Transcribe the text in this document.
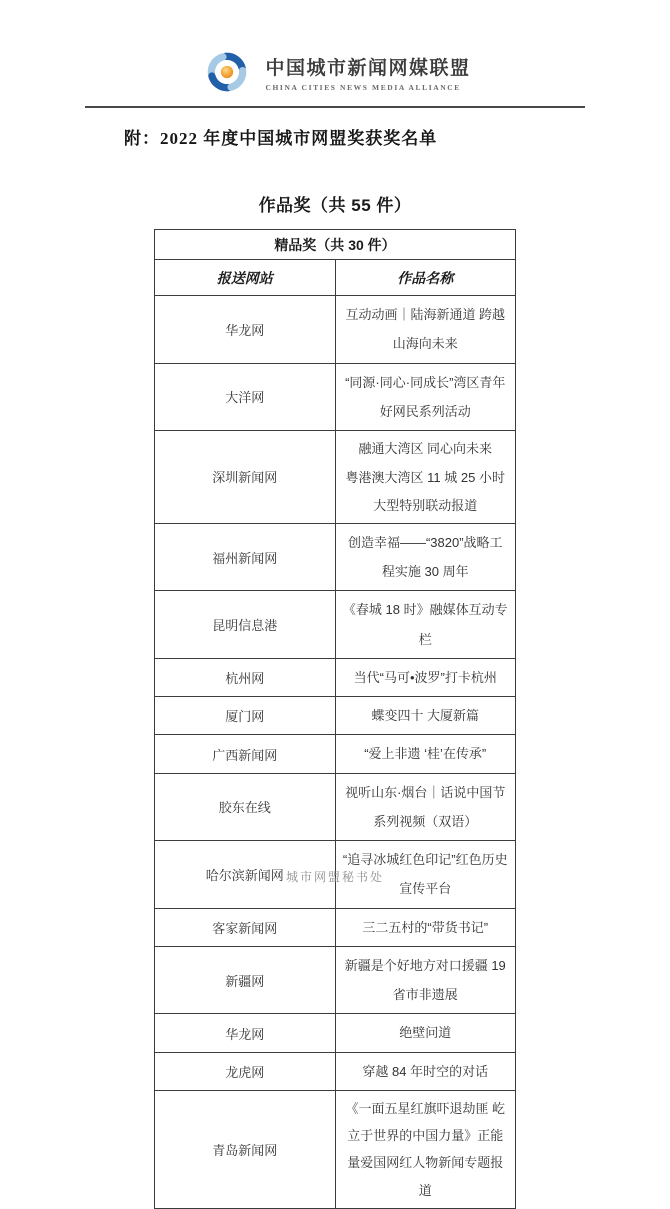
中国城市新闻网媒联盟
CHINA CITIES NEWS MEDIA ALLIANCE
附：2022 年度中国城市网盟奖获奖名单
作品奖（共 55 件）
精品奖（共 30 件）	
报送网站	作品名称
华龙网	互动动画｜陆海新通道 跨越山海向未来

大洋网	“同源·同心·同成长”湾区青年好网民系列活动

深圳新闻网	融通大湾区 同心向未来
粤港澳大湾区 11 城 25 小时大型特别联动报道

福州新闻网	创造幸福——“3820”战略工程实施 30 周年

昆明信息港	《春城 18 时》融媒体互动专栏

杭州网	当代“马可•波罗”打卡杭州

厦门网	蝶变四十 大厦新篇

广西新闻网	“爱上非遗 ‘桂’在传承”

胶东在线	视听山东·烟台｜话说中国节系列视频（双语）

哈尔滨新闻网	“追寻冰城红色印记”红色历史宣传平台

客家新闻网	三二五村的“带货书记”

新疆网	新疆是个好地方对口援疆 19 省市非遗展

华龙网	绝壁问道

龙虎网	穿越 84 年时空的对话

青岛新闻网	《一面五星红旗吓退劫匪 屹立于世界的中国力量》正能量爱国网红人物新闻专题报道
城市网盟秘书处
